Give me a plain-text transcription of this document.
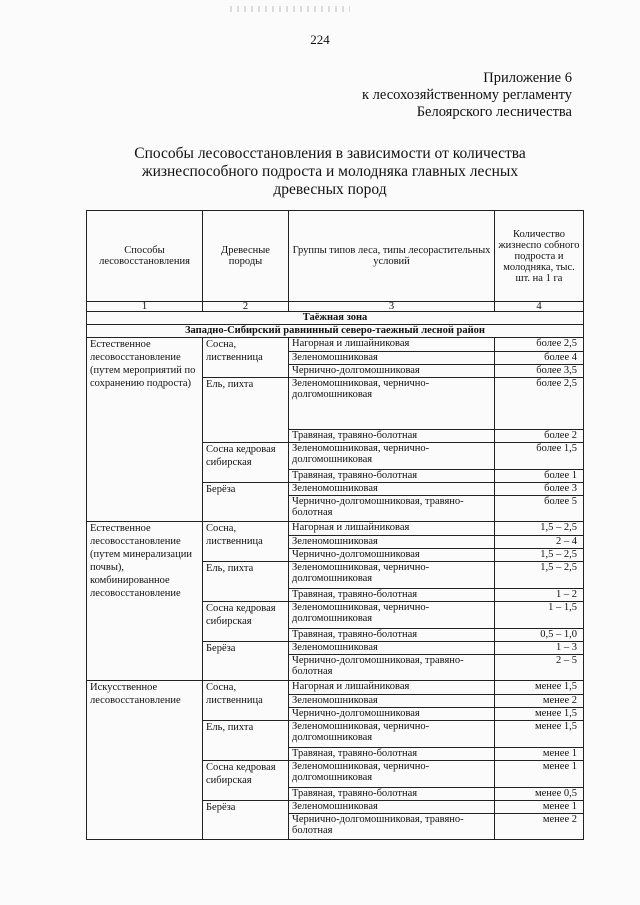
224
Приложение 6
к лесохозяйственному регламенту
Белоярского лесничества
Способы лесовосстановления в зависимости от количества жизнеспособного подроста и молодняка главных лесных древесных пород
Способы лесовосстановления	Древесные породы	Группы типов леса, типы лесорастительных условий	Количество жизнеспо собного подроста и молодняка, тыс. шт. на 1 га
1	2	3	4
Таёжная зона			
Западно-Сибирский равнинный северо-таежный лесной район			
Естественное лесовосстановление (путем мероприятий по сохранению подроста)	Сосна, лиственница	Нагорная и лишайниковая	более 2,5
		Зеленомошниковая	более 4
		Чернично-долгомошниковая	более 3,5
	Ель, пихта	Зеленомошниковая, чернично-долгомошниковая	более 2,5
		Травяная, травяно-болотная	более 2
	Сосна кедровая сибирская	Зеленомошниковая, чернично-долгомошниковая	более 1,5
		Травяная, травяно-болотная	более 1
	Берёза	Зеленомошниковая	более 3
		Чернично-долгомошниковая, травяно-болотная	более 5
Естественное лесовосстановление (путем минерализации почвы), комбинированное лесовосстановление	Сосна, лиственница	Нагорная и лишайниковая	1,5 – 2,5
		Зеленомошниковая	2 – 4
		Чернично-долгомошниковая	1,5 – 2,5
	Ель, пихта	Зеленомошниковая, чернично-долгомошниковая	1,5 – 2,5
		Травяная, травяно-болотная	1 – 2
	Сосна кедровая сибирская	Зеленомошниковая, чернично-долгомошниковая	1 – 1,5
		Травяная, травяно-болотная	0,5 – 1,0
	Берёза	Зеленомошниковая	1 – 3
		Чернично-долгомошниковая, травяно-болотная	2 – 5
Искусственное лесовосстановление	Сосна, лиственница	Нагорная и лишайниковая	менее 1,5
		Зеленомошниковая	менее 2
		Чернично-долгомошниковая	менее 1,5
	Ель, пихта	Зеленомошниковая, чернично-долгомошниковая	менее 1,5
		Травяная, травяно-болотная	менее 1
	Сосна кедровая сибирская	Зеленомошниковая, чернично-долгомошниковая	менее 1
		Травяная, травяно-болотная	менее 0,5
	Берёза	Зеленомошниковая	менее 1
		Чернично-долгомошниковая, травяно-болотная	менее 2
